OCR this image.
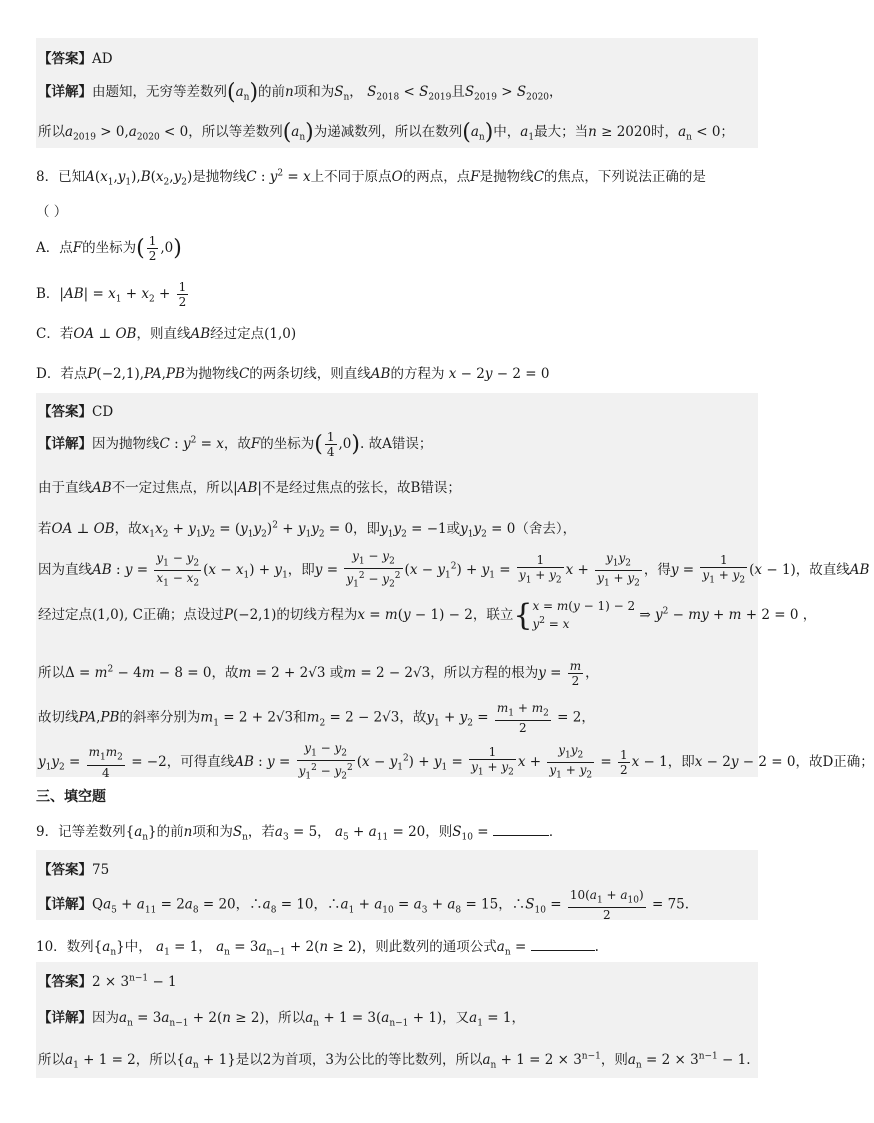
【答案】AD
【详解】由题知，无穷等差数列$(a_n)$的前n项和为$S_n$， $S_{2018} < S_{2019}$且$S_{2019} > S_{2020}$，
所以$a_{2019} > 0,a_{2020} < 0$，所以等差数列$(a_n)$为递减数列，所以在数列$(a_n)$中，$a_1$最大；当n ≥ 2020时，$a_n < 0$；
8．已知$A(x_1,y_1),B(x_2,y_2)$是抛物线C : $y^2 = x$上不同于原点O的两点，点F是抛物线C的焦点，下列说法正确的是
（ ）
A．点F的坐标为( $\frac{1}{2} ,0$)
B．$|AB| = x_1 + x_2 + \frac{1}{2}$
C．若OA ⊥ OB，则直线AB经过定点(1,0)
D．若点P(−2,1),PA,PB为抛物线C的两条切线，则直线AB的方程为 x − 2y − 2 = 0
【答案】CD
【详解】因为抛物线C : $y^2 = x$，故F的坐标为( $\frac{1}{4} ,0$). 故A错误；
由于直线AB不一定过焦点，所以|AB|不是经过焦点的弦长，故B错误；
若OA ⊥ OB，故$x_1x_2 + y_1y_2 = (y_1y_2)^2 + y_1y_2 = 0$，即$y_1y_2 = -1$或$y_1y_2 = 0$（舍去），
因为直线AB : $y = \frac{y_1 - y_2}{x_1 - x_2} (x - x_1) + y_1$，即$y = \frac{y_1 - y_2}{y_1^2 - y_2^2} (x - y_1^2) + y_1 = \frac{1}{y_1 + y_2}$ $x + \frac{y_1y_2}{y_1 + y_2}$ ，得$y = \frac{1}{y_1 + y_2} (x - 1)$，故直线AB
经过定点(1,0), C正确；点设过P(−2,1)的切线方程为x = m(y − 1) − 2，联立{ x = m(y − 1) − 2
$y^2 = x$
⇒ $y^2$ − my + m + 2 = 0 ，
所以$\Delta = m^2 - 4m - 8 = 0$，故m = 2 + 2√3 或m = 2 − 2√3，所以方程的根为$y = \frac{m}{2}$ ，
故切线PA,PB的斜率分别为$m_1 = 2 + 2√3$和$m_2 = 2 - 2√3$，故$y_1 + y_2 = \frac{m_1 + m_2}{2} = 2$，
$y_1y_2 = \frac{m_1m_2}{4} = -2$，可得直线AB : $y = \frac{y_1 - y_2}{y_1^2 - y_2^2} (x - y_1^2) + y_1 = \frac{1}{y_1 + y_2}$ $x + \frac{y_1y_2}{y_1 + y_2} = \frac{1}{2}$ x − 1，即x − 2y − 2 = 0，故D正确；
三、填空题
9．记等差数列$\{a_n\}$的前n项和为$S_n$，若$a_3 = 5$， $a_5 + a_{11} = 20$，则$S_{10}$ =	．
【答案】75
【详解】$Qa_5 + a_{11} = 2a_8 = 20$，$\therefore a_8 = 10$，$\therefore a_1 + a_{10} = a_3 + a_8 = 15$，$\therefore S_{10} = \frac{10(a_1 + a_{10})}{2} = 75$.
10．数列$\{a_n\}$中， $a_1 = 1$， $a_n = 3a_{n-1} + 2(n \ge 2)$，则此数列的通项公式$a_n$ =	.
【答案】$2 \times 3^{n-1} - 1$
【详解】因为$a_n = 3a_{n-1} + 2(n \ge 2)$，所以$a_n + 1 = 3(a_{n-1} + 1)$，又$a_1 = 1$，
所以$a_1 + 1 = 2$，所以$\{a_n + 1\}$是以2为首项，3为公比的等比数列，所以$a_n + 1 = 2 \times 3^{n-1}$，则$a_n = 2 \times 3^{n-1} - 1$.
